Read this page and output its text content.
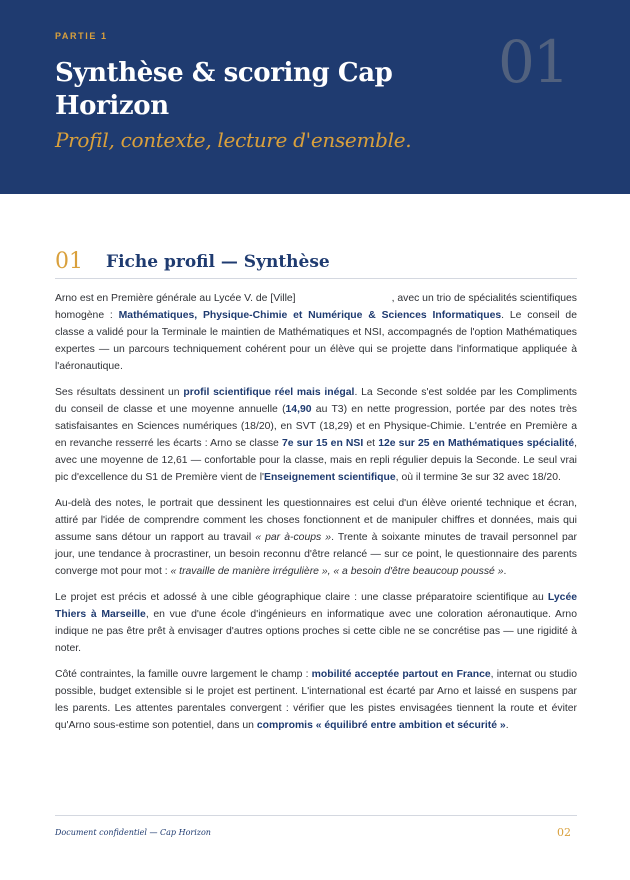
PARTIE 1	01
Synthèse & scoring Cap Horizon
Profil, contexte, lecture d'ensemble.
01 Fiche profil — Synthèse

Arno est en Première générale au Lycée V. de [Ville]	, avec un trio de spécialités scientifiques homogène : Mathématiques, Physique-Chimie et Numérique & Sciences Informatiques. Le conseil de classe a validé pour la Terminale le maintien de Mathématiques et NSI, accompagnés de l'option Mathématiques expertes — un parcours techniquement cohérent pour un élève qui se projette dans l'informatique appliquée à l'aéronautique.

Ses résultats dessinent un profil scientifique réel mais inégal. La Seconde s'est soldée par les Compliments du conseil de classe et une moyenne annuelle (14,90 au T3) en nette progression, portée par des notes très satisfaisantes en Sciences numériques (18/20), en SVT (18,29) et en Physique-Chimie. L'entrée en Première a en revanche resserré les écarts : Arno se classe 7e sur 15 en NSI et 12e sur 25 en Mathématiques spécialité, avec une moyenne de 12,61 — confortable pour la classe, mais en repli régulier depuis la Seconde. Le seul vrai pic d'excellence du S1 de Première vient de l'Enseignement scientifique, où il termine 3e sur 32 avec 18/20.

Au-delà des notes, le portrait que dessinent les questionnaires est celui d'un élève orienté technique et écran, attiré par l'idée de comprendre comment les choses fonctionnent et de manipuler chiffres et données, mais qui assume sans détour un rapport au travail « par à-coups ». Trente à soixante minutes de travail personnel par jour, une tendance à procrastiner, un besoin reconnu d'être relancé — sur ce point, le questionnaire des parents converge mot pour mot : « travaille de manière irrégulière », « a besoin d'être beaucoup poussé ».

Le projet est précis et adossé à une cible géographique claire : une classe préparatoire scientifique au Lycée Thiers à Marseille, en vue d'une école d'ingénieurs en informatique avec une coloration aéronautique. Arno indique ne pas être prêt à envisager d'autres options proches si cette cible ne se concrétise pas — une rigidité à noter.

Côté contraintes, la famille ouvre largement le champ : mobilité acceptée partout en France, internat ou studio possible, budget extensible si le projet est pertinent. L'international est écarté par Arno et laissé en suspens par les parents. Les attentes parentales convergent : vérifier que les pistes envisagées tiennent la route et éviter qu'Arno sous-estime son potentiel, dans un compromis « équilibré entre ambition et sécurité ».

Document confidentiel — Cap Horizon	02
